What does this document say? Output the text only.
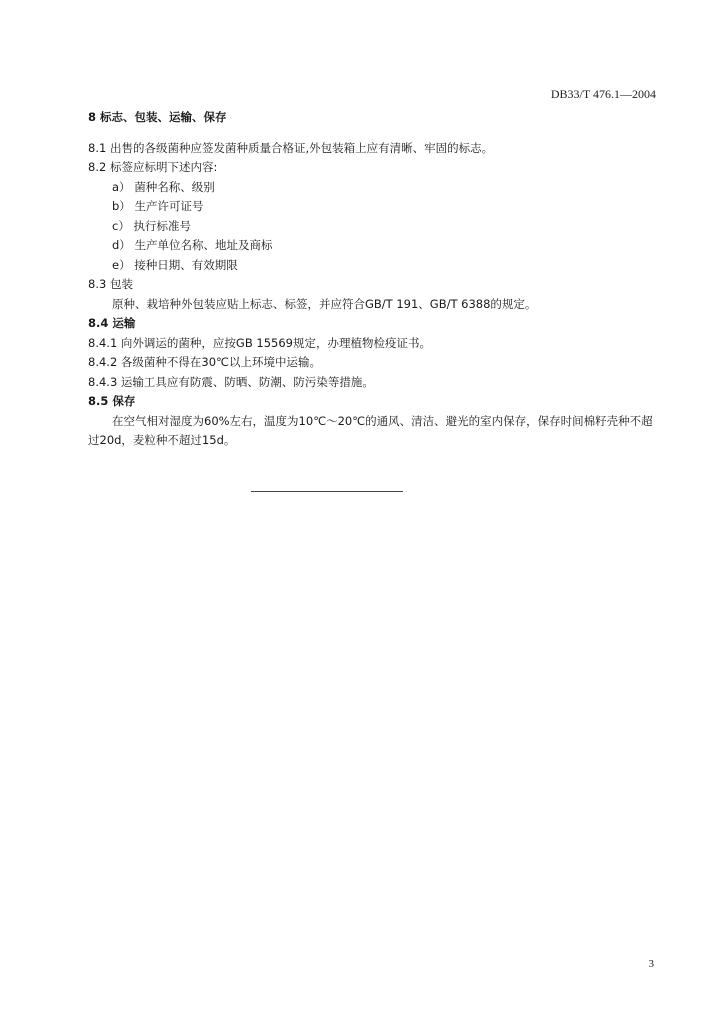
DB33/T 476.1—2004
8 标志、包装、运输、保存
8.1 出售的各级菌种应签发菌种质量合格证,外包装箱上应有清晰、牢固的标志。
8.2 标签应标明下述内容:
a） 菌种名称、级别
b） 生产许可证号
c） 执行标准号
d） 生产单位名称、地址及商标
e） 接种日期、有效期限
8.3 包装
原种、栽培种外包装应贴上标志、标签，并应符合GB/T 191、GB/T 6388的规定。
8.4 运输
8.4.1 向外调运的菌种，应按GB 15569规定，办理植物检疫证书。
8.4.2 各级菌种不得在30℃以上环境中运输。
8.4.3 运输工具应有防震、防晒、防潮、防污染等措施。
8.5 保存
在空气相对湿度为60%左右，温度为10℃～20℃的通风、清洁、避光的室内保存，保存时间棉籽壳种不超过20d，麦粒种不超过15d。
3
